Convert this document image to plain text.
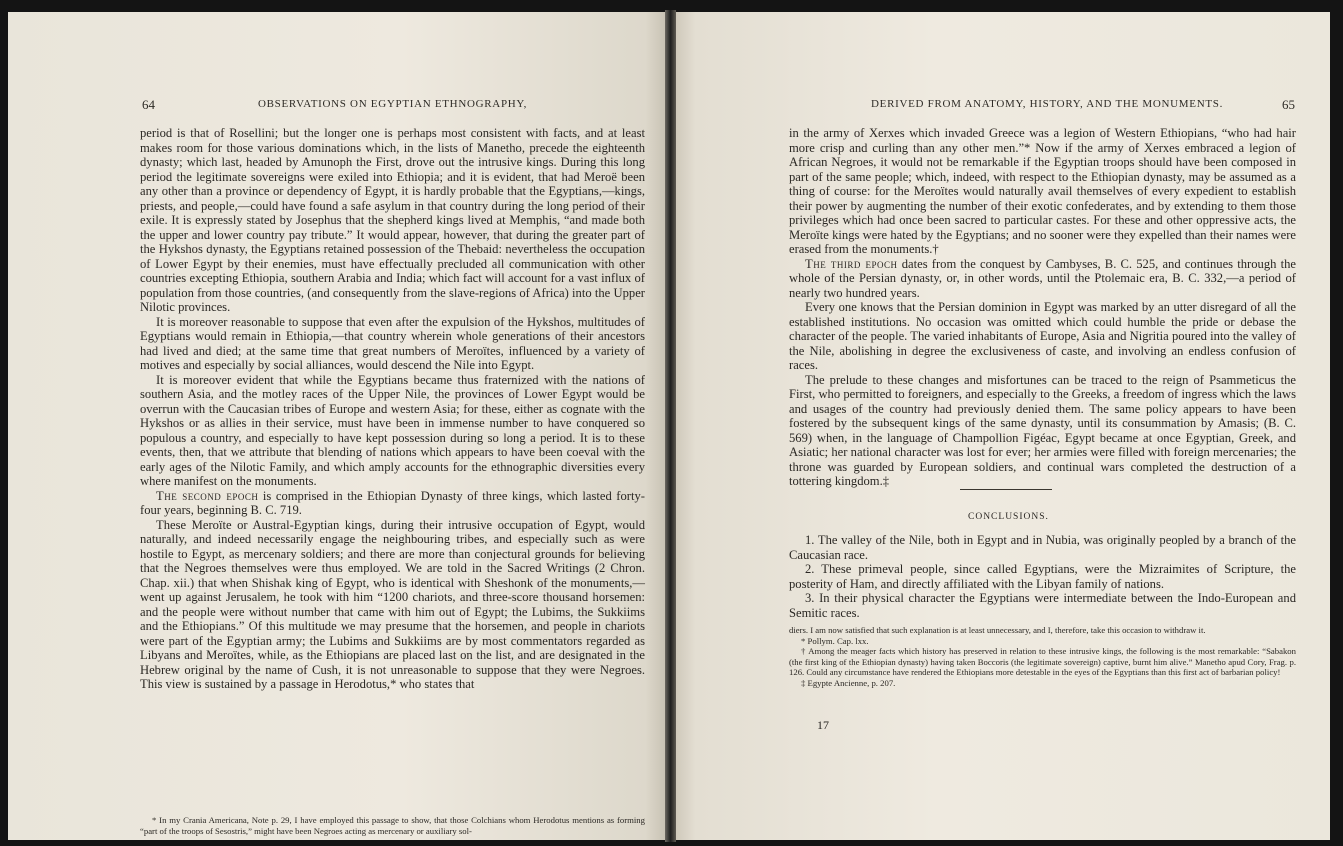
64	OBSERVATIONS ON EGYPTIAN ETHNOGRAPHY,

period is that of Rosellini; but the longer one is perhaps most consistent with facts, and at least makes room for those various dominations which, in the lists of Manetho, precede the eighteenth dynasty; which last, headed by Amunoph the First, drove out the intrusive kings. During this long period the legitimate sovereigns were exiled into Ethiopia; and it is evident, that had Meroë been any other than a province or dependency of Egypt, it is hardly probable that the Egyptians,—kings, priests, and people,—could have found a safe asylum in that country during the long period of their exile. It is expressly stated by Josephus that the shepherd kings lived at Memphis, “and made both the upper and lower country pay tribute.” It would appear, however, that during the greater part of the Hykshos dynasty, the Egyptians retained possession of the Thebaid: nevertheless the occupation of Lower Egypt by their enemies, must have effectually precluded all communication with other countries excepting Ethiopia, southern Arabia and India; which fact will account for a vast influx of population from those countries, (and consequently from the slave-regions of Africa) into the Upper Nilotic provinces.

It is moreover reasonable to suppose that even after the expulsion of the Hykshos, multitudes of Egyptians would remain in Ethiopia,—that country wherein whole generations of their ancestors had lived and died; at the same time that great numbers of Meroïtes, influenced by a variety of motives and especially by social alliances, would descend the Nile into Egypt.

It is moreover evident that while the Egyptians became thus fraternized with the nations of southern Asia, and the motley races of the Upper Nile, the provinces of Lower Egypt would be overrun with the Caucasian tribes of Europe and western Asia; for these, either as cognate with the Hykshos or as allies in their service, must have been in immense number to have conquered so populous a country, and especially to have kept possession during so long a period. It is to these events, then, that we attribute that blending of nations which appears to have been coeval with the early ages of the Nilotic Family, and which amply accounts for the ethnographic diversities every where manifest on the monuments.

The second epoch is comprised in the Ethiopian Dynasty of three kings, which lasted forty-four years, beginning B. C. 719.

These Meroïte or Austral-Egyptian kings, during their intrusive occupation of Egypt, would naturally, and indeed necessarily engage the neighbouring tribes, and especially such as were hostile to Egypt, as mercenary soldiers; and there are more than conjectural grounds for believing that the Negroes themselves were thus employed. We are told in the Sacred Writings (2 Chron. Chap. xii.) that when Shishak king of Egypt, who is identical with Sheshonk of the monuments,—went up against Jerusalem, he took with him “1200 chariots, and three-score thousand horsemen: and the people were without number that came with him out of Egypt; the Lubims, the Sukkiims and the Ethiopians.” Of this multitude we may presume that the horsemen, and people in chariots were part of the Egyptian army; the Lubims and Sukkiims are by most commentators regarded as Libyans and Meroïtes, while, as the Ethiopians are placed last on the list, and are designated in the Hebrew original by the name of Cush, it is not unreasonable to suppose that they were Negroes. This view is sustained by a passage in Herodotus,* who states that

* In my Crania Americana, Note p. 29, I have employed this passage to show, that those Colchians whom Herodotus mentions as forming “part of the troops of Sesostris,” might have been Negroes acting as mercenary or auxiliary sol-

DERIVED FROM ANATOMY, HISTORY, AND THE MONUMENTS.	65

in the army of Xerxes which invaded Greece was a legion of Western Ethiopians, “who had hair more crisp and curling than any other men.”* Now if the army of Xerxes embraced a legion of African Negroes, it would not be remarkable if the Egyptian troops should have been composed in part of the same people; which, indeed, with respect to the Ethiopian dynasty, may be assumed as a thing of course: for the Meroïtes would naturally avail themselves of every expedient to establish their power by augmenting the number of their exotic confederates, and by extending to them those privileges which had once been sacred to particular castes. For these and other oppressive acts, the Meroïte kings were hated by the Egyptians; and no sooner were they expelled than their names were erased from the monuments.†

The third epoch dates from the conquest by Cambyses, B. C. 525, and continues through the whole of the Persian dynasty, or, in other words, until the Ptolemaic era, B. C. 332,—a period of nearly two hundred years.

Every one knows that the Persian dominion in Egypt was marked by an utter disregard of all the established institutions. No occasion was omitted which could humble the pride or debase the character of the people. The varied inhabitants of Europe, Asia and Nigritia poured into the valley of the Nile, abolishing in degree the exclusiveness of caste, and involving an endless confusion of races.

The prelude to these changes and misfortunes can be traced to the reign of Psammeticus the First, who permitted to foreigners, and especially to the Greeks, a freedom of ingress which the laws and usages of the country had previously denied them. The same policy appears to have been fostered by the subsequent kings of the same dynasty, until its consummation by Amasis; (B. C. 569) when, in the language of Champollion Figéac, Egypt became at once Egyptian, Greek, and Asiatic; her national character was lost for ever; her armies were filled with foreign mercenaries; the throne was guarded by European soldiers, and continual wars completed the destruction of a tottering kingdom.‡

CONCLUSIONS.

1. The valley of the Nile, both in Egypt and in Nubia, was originally peopled by a branch of the Caucasian race.

2. These primeval people, since called Egyptians, were the Mizraimites of Scripture, the posterity of Ham, and directly affiliated with the Libyan family of nations.

3. In their physical character the Egyptians were intermediate between the Indo-European and Semitic races.

diers. I am now satisfied that such explanation is at least unnecessary, and I, therefore, take this occasion to withdraw it.

* Pollym. Cap. lxx.

† Among the meager facts which history has preserved in relation to these intrusive kings, the following is the most remarkable: “Sabakon (the first king of the Ethiopian dynasty) having taken Boccoris (the legitimate sovereign) captive, burnt him alive.” Manetho apud Cory, Frag. p. 126. Could any circumstance have rendered the Ethiopians more detestable in the eyes of the Egyptians than this first act of barbarian policy!

‡ Egypte Ancienne, p. 207.

17
